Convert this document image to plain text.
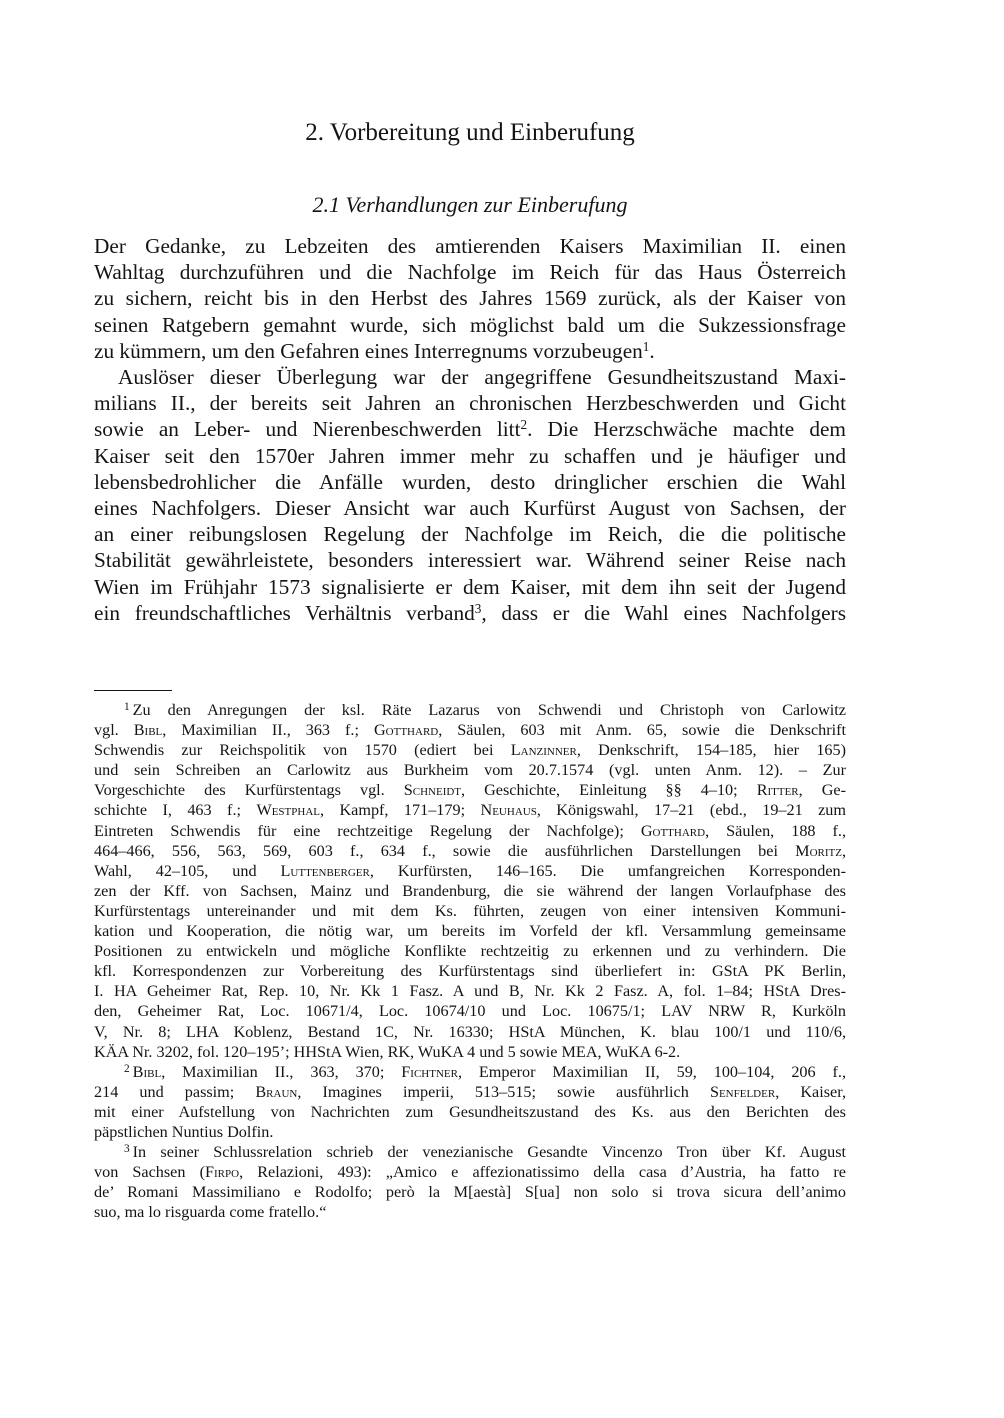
2. Vorbereitung und Einberufung
2.1 Verhandlungen zur Einberufung

Der Gedanke, zu Lebzeiten des amtierenden Kaisers Maximilian II. einen
Wahltag durchzuführen und die Nachfolge im Reich für das Haus Österreich
zu sichern, reicht bis in den Herbst des Jahres 1569 zurück, als der Kaiser von
seinen Ratgebern gemahnt wurde, sich möglichst bald um die Sukzessionsfrage
zu kümmern, um den Gefahren eines Interregnums vorzubeugen$^1$.

Auslöser dieser Überlegung war der angegriffene Gesundheitszustand Maxi-
milians II., der bereits seit Jahren an chronischen Herzbeschwerden und Gicht
sowie an Leber- und Nierenbeschwerden litt$^2$. Die Herzschwäche machte dem
Kaiser seit den 1570er Jahren immer mehr zu schaffen und je häufiger und
lebensbedrohlicher die Anfälle wurden, desto dringlicher erschien die Wahl
eines Nachfolgers. Dieser Ansicht war auch Kurfürst August von Sachsen, der
an einer reibungslosen Regelung der Nachfolge im Reich, die die politische
Stabilität gewährleistete, besonders interessiert war. Während seiner Reise nach
Wien im Frühjahr 1573 signalisierte er dem Kaiser, mit dem ihn seit der Jugend
ein freundschaftliches Verhältnis verband$^3$, dass er die Wahl eines Nachfolgers

$^1$ Zu den Anregungen der ksl. Räte Lazarus von Schwendi und Christoph von Carlowitz
vgl. Bibl, Maximilian II., 363 f.; Gotthard, Säulen, 603 mit Anm. 65, sowie die Denkschrift
Schwendis zur Reichspolitik von 1570 (ediert bei Lanzinner, Denkschrift, 154–185, hier 165)
und sein Schreiben an Carlowitz aus Burkheim vom 20.7.1574 (vgl. unten Anm. 12). – Zur
Vorgeschichte des Kurfürstentags vgl. Schneidt, Geschichte, Einleitung §§ 4–10; Ritter, Ge-
schichte I, 463 f.; Westphal, Kampf, 171–179; Neuhaus, Königswahl, 17–21 (ebd., 19–21 zum
Eintreten Schwendis für eine rechtzeitige Regelung der Nachfolge); Gotthard, Säulen, 188 f.,
464–466, 556, 563, 569, 603 f., 634 f., sowie die ausführlichen Darstellungen bei Moritz,
Wahl, 42–105, und Luttenberger, Kurfürsten, 146–165. Die umfangreichen Korresponden-
zen der Kff. von Sachsen, Mainz und Brandenburg, die sie während der langen Vorlaufphase des
Kurfürstentags untereinander und mit dem Ks. führten, zeugen von einer intensiven Kommuni-
kation und Kooperation, die nötig war, um bereits im Vorfeld der kfl. Versammlung gemeinsame
Positionen zu entwickeln und mögliche Konflikte rechtzeitig zu erkennen und zu verhindern. Die
kfl. Korrespondenzen zur Vorbereitung des Kurfürstentags sind überliefert in: GStA PK Berlin,
I. HA Geheimer Rat, Rep. 10, Nr. Kk 1 Fasz. A und B, Nr. Kk 2 Fasz. A, fol. 1–84; HStA Dres-
den, Geheimer Rat, Loc. 10671/4, Loc. 10674/10 und Loc. 10675/1; LAV NRW R, Kurköln
V, Nr. 8; LHA Koblenz, Bestand 1C, Nr. 16330; HStA München, K. blau 100/1 und 110/6,
KÄA Nr. 3202, fol. 120–195’; HHStA Wien, RK, WuKA 4 und 5 sowie MEA, WuKA 6-2.
$^2$ Bibl, Maximilian II., 363, 370; Fichtner, Emperor Maximilian II, 59, 100–104, 206 f.,
214 und passim; Braun, Imagines imperii, 513–515; sowie ausführlich Senfelder, Kaiser,
mit einer Aufstellung von Nachrichten zum Gesundheitszustand des Ks. aus den Berichten des
päpstlichen Nuntius Dolfin.
$^3$ In seiner Schlussrelation schrieb der venezianische Gesandte Vincenzo Tron über Kf. August
von Sachsen (Firpo, Relazioni, 493): „Amico e affezionatissimo della casa d’Austria, ha fatto re
de’ Romani Massimiliano e Rodolfo; però la M[aestà] S[ua] non solo si trova sicura dell’animo
suo, ma lo risguarda come fratello.“
